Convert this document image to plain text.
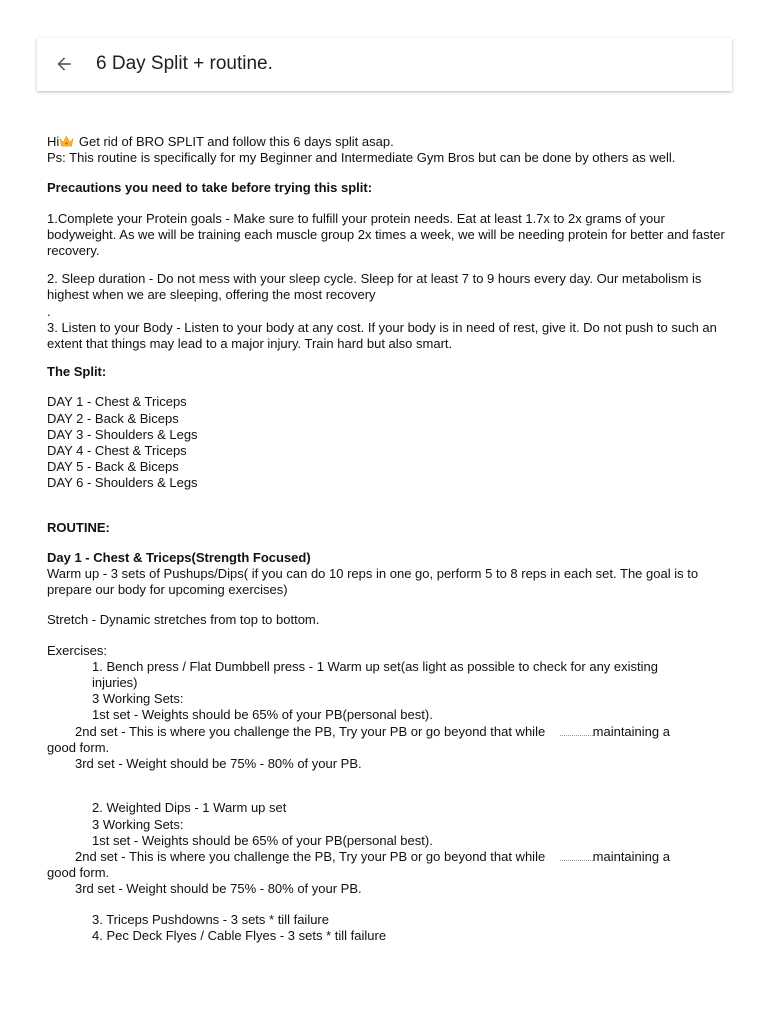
6 Day Split + routine.

Hi Get rid of BRO SPLIT and follow this 6 days split asap.

Ps: This routine is specifically for my Beginner and Intermediate Gym Bros but can be done by others as well.

Precautions you need to take before trying this split:

1.Complete your Protein goals - Make sure to fulfill your protein needs. Eat at least 1.7x to 2x grams of your bodyweight. As we will be training each muscle group 2x times a week, we will be needing protein for better and faster recovery.

2. Sleep duration - Do not mess with your sleep cycle. Sleep for at least 7 to 9 hours every day. Our metabolism is highest when we are sleeping, offering the most recovery

.

3. Listen to your Body - Listen to your body at any cost. If your body is in need of rest, give it. Do not push to such an extent that things may lead to a major injury. Train hard but also smart.

The Split:

DAY 1 - Chest & Triceps

DAY 2 - Back & Biceps

DAY 3 - Shoulders & Legs

DAY 4 - Chest & Triceps

DAY 5 - Back & Biceps

DAY 6 - Shoulders & Legs

ROUTINE:

Day 1 - Chest & Triceps(Strength Focused)

Warm up - 3 sets of Pushups/Dips( if you can do 10 reps in one go, perform 5 to 8 reps in each set. The goal is to prepare our body for upcoming exercises)

Stretch - Dynamic stretches from top to bottom.

Exercises:

1. Bench press / Flat Dumbbell press - 1 Warm up set(as light as possible to check for any existing

injuries)

3 Working Sets:

1st set - Weights should be 65% of your PB(personal best).

2nd set - This is where you challenge the PB, Try your PB or go beyond that while	maintaining a

good form.

3rd set - Weight should be 75% - 80% of your PB.

2. Weighted Dips - 1 Warm up set

3 Working Sets:

1st set - Weights should be 65% of your PB(personal best).

2nd set - This is where you challenge the PB, Try your PB or go beyond that while	maintaining a

good form.

3rd set - Weight should be 75% - 80% of your PB.

3. Triceps Pushdowns - 3 sets * till failure

4. Pec Deck Flyes / Cable Flyes - 3 sets * till failure
